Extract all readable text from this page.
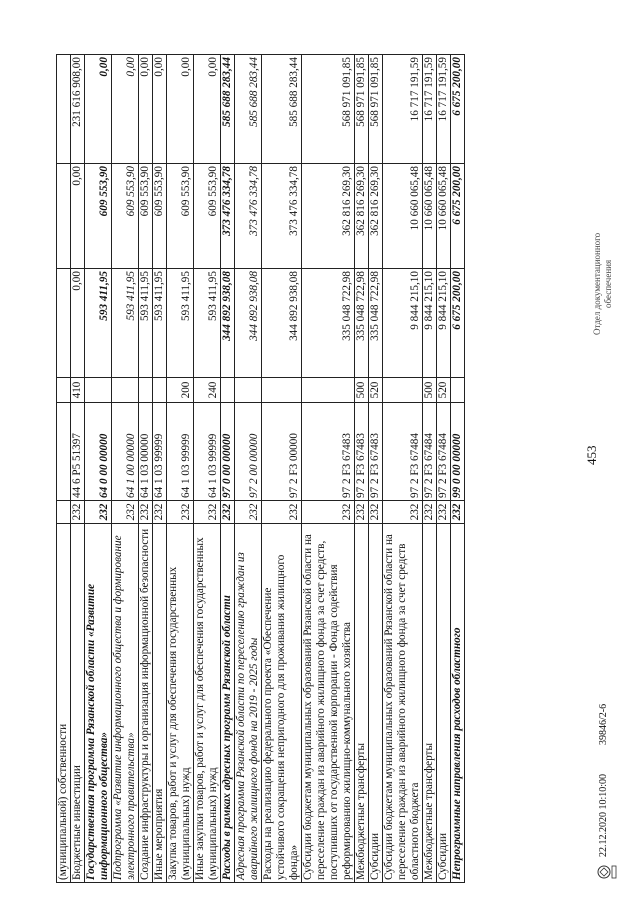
453
(муниципальной) собственности						
Бюджетные инвестиции	232	44 6 P5 51397	410	0,00	0,00	231 616 908,00
Государственная программа Рязанской области «Развитие информационного общества»	232	64 0 00 00000		593 411,95	609 553,90	0,00
Подпрограмма «Развитие информационного общества и формирование электронного правительства»	232	64 1 00 00000		593 411,95	609 553,90	0,00
Создание инфраструктуры и организация информационной безопасности	232	64 1 03 00000		593 411,95	609 553,90	0,00
Иные мероприятия	232	64 1 03 99999		593 411,95	609 553,90	0,00
Закупка товаров, работ и услуг для обеспечения государственных (муниципальных) нужд	232	64 1 03 99999	200	593 411,95	609 553,90	0,00
Иные закупки товаров, работ и услуг для обеспечения государственных (муниципальных) нужд	232	64 1 03 99999	240	593 411,95	609 553,90	0,00
Расходы в рамках адресных программ Рязанской области	232	97 0 00 00000		344 892 938,08	373 476 334,78	585 688 283,44
Адресная программа Рязанской области по переселению граждан из аварийного жилищного фонда на 2019 - 2025 годы	232	97 2 00 00000		344 892 938,08	373 476 334,78	585 688 283,44
Расходы на реализацию федерального проекта «Обеспечение устойчивого сокращения непригодного для проживания жилищного фонда»	232	97 2 F3 00000		344 892 938,08	373 476 334,78	585 688 283,44
Субсидии бюджетам муниципальных образований Рязанской области на переселение граждан из аварийного жилищного фонда за счет средств, поступивших от государственной корпорации - Фонда содействия реформированию жилищно-коммунального хозяйства	232	97 2 F3 67483		335 048 722,98	362 816 269,30	568 971 091,85
Межбюджетные трансферты	232	97 2 F3 67483	500	335 048 722,98	362 816 269,30	568 971 091,85
Субсидии	232	97 2 F3 67483	520	335 048 722,98	362 816 269,30	568 971 091,85
Субсидии бюджетам муниципальных образований Рязанской области на переселение граждан из аварийного жилищного фонда за счет средств областного бюджета	232	97 2 F3 67484		9 844 215,10	10 660 065,48	16 717 191,59
Межбюджетные трансферты	232	97 2 F3 67484	500	9 844 215,10	10 660 065,48	16 717 191,59
Субсидии	232	97 2 F3 67484	520	9 844 215,10	10 660 065,48	16 717 191,59
Непрограммные направления расходов областного	232	99 0 00 00000		6 675 200,00	6 675 200,00	6 675 200,00
22.12.2020 10:10:00
39846/2-6
Отдел документационного обеспечения
